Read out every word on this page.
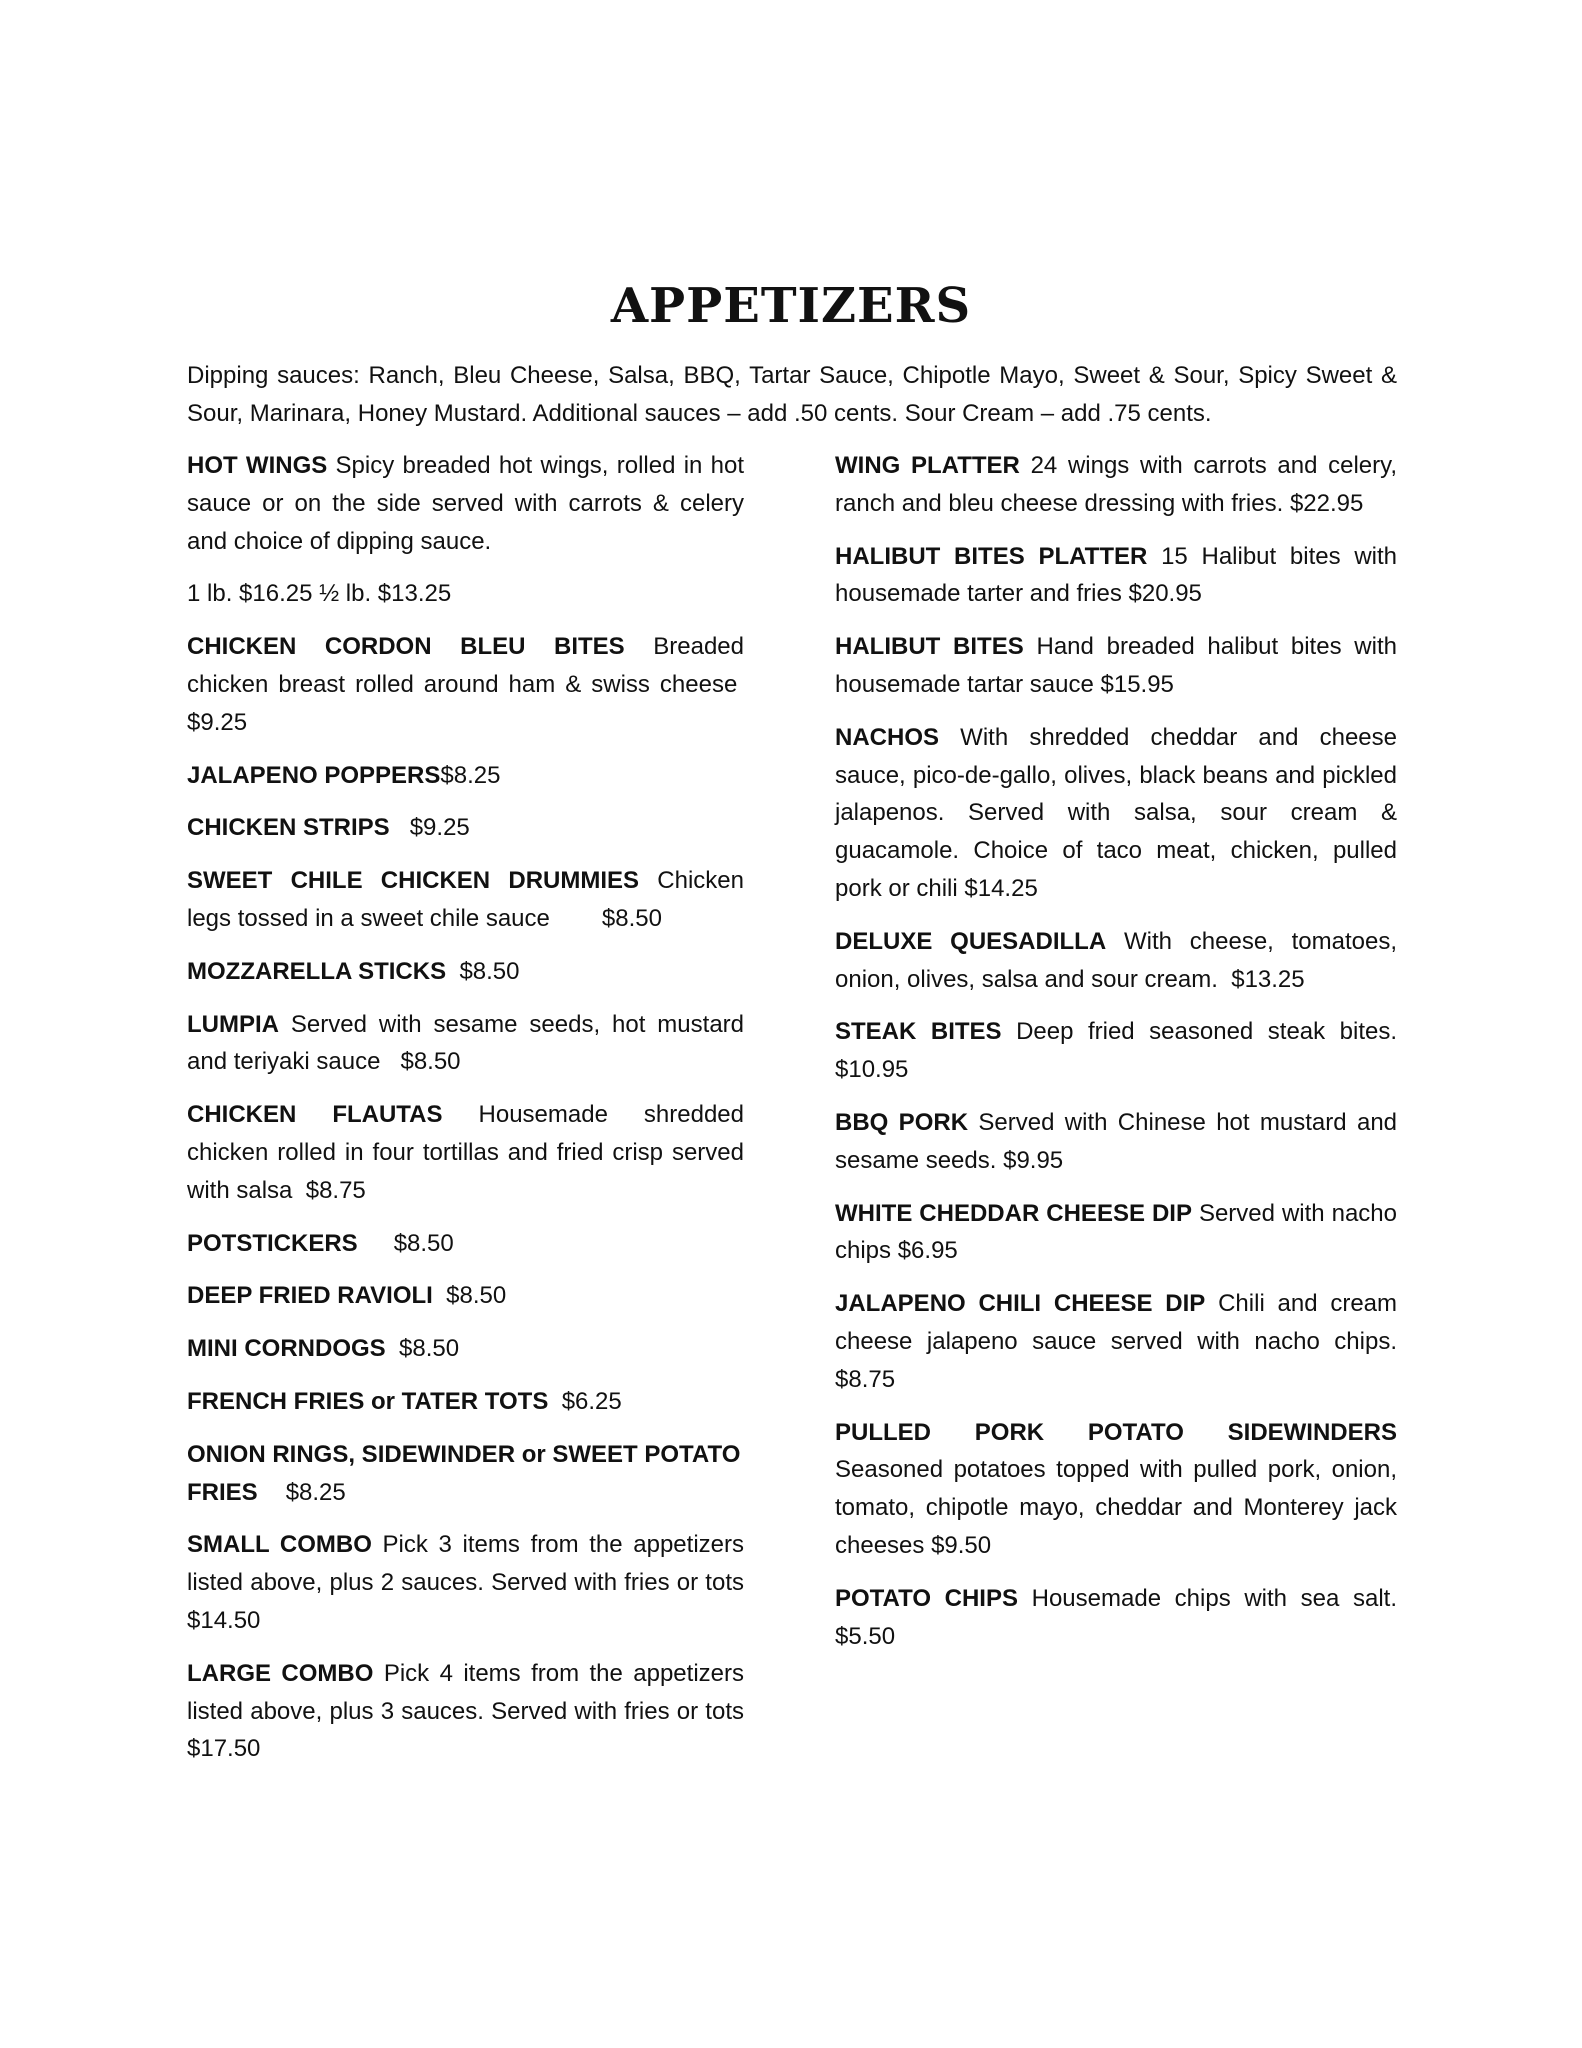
APPETIZERS

Dipping sauces: Ranch, Bleu Cheese, Salsa, BBQ, Tartar Sauce, Chipotle Mayo, Sweet & Sour, Spicy Sweet & Sour, Marinara, Honey Mustard. Additional sauces – add .50 cents. Sour Cream – add .75 cents.

HOT WINGS Spicy breaded hot wings, rolled in hot sauce or on the side served with carrots & celery and choice of dipping sauce.

1 lb. $16.25 ½ lb. $13.25

CHICKEN CORDON BLEU BITES Breaded chicken breast rolled around ham & swiss cheese  $9.25

JALAPENO POPPERS$8.25

CHICKEN STRIPS $9.25

SWEET CHILE CHICKEN DRUMMIES Chicken legs tossed in a sweet chile sauce $8.50

MOZZARELLA STICKS $8.50

LUMPIA Served with sesame seeds, hot mustard and teriyaki sauce $8.50

CHICKEN FLAUTAS Housemade shredded chicken rolled in four tortillas and fried crisp served with salsa $8.75

POTSTICKERS $8.50

DEEP FRIED RAVIOLI $8.50

MINI CORNDOGS $8.50

FRENCH FRIES or TATER TOTS $6.25

ONION RINGS, SIDEWINDER or SWEET POTATO FRIES $8.25

SMALL COMBO Pick 3 items from the appetizers listed above, plus 2 sauces. Served with fries or tots $14.50

LARGE COMBO Pick 4 items from the appetizers listed above, plus 3 sauces. Served with fries or tots $17.50

WING PLATTER 24 wings with carrots and celery, ranch and bleu cheese dressing with fries. $22.95

HALIBUT BITES PLATTER 15 Halibut bites with housemade tarter and fries $20.95

HALIBUT BITES Hand breaded halibut bites with housemade tartar sauce $15.95

NACHOS With shredded cheddar and cheese sauce, pico-de-gallo, olives, black beans and pickled jalapenos. Served with salsa, sour cream & guacamole. Choice of taco meat, chicken, pulled pork or chili $14.25

DELUXE QUESADILLA With cheese, tomatoes, onion, olives, salsa and sour cream. $13.25

STEAK BITES Deep fried seasoned steak bites. $10.95

BBQ PORK Served with Chinese hot mustard and sesame seeds. $9.95

WHITE CHEDDAR CHEESE DIP Served with nacho chips $6.95

JALAPENO CHILI CHEESE DIP Chili and cream cheese jalapeno sauce served with nacho chips. $8.75

PULLED PORK POTATO SIDEWINDERS Seasoned potatoes topped with pulled pork, onion, tomato, chipotle mayo, cheddar and Monterey jack cheeses $9.50

POTATO CHIPS Housemade chips with sea salt. $5.50
